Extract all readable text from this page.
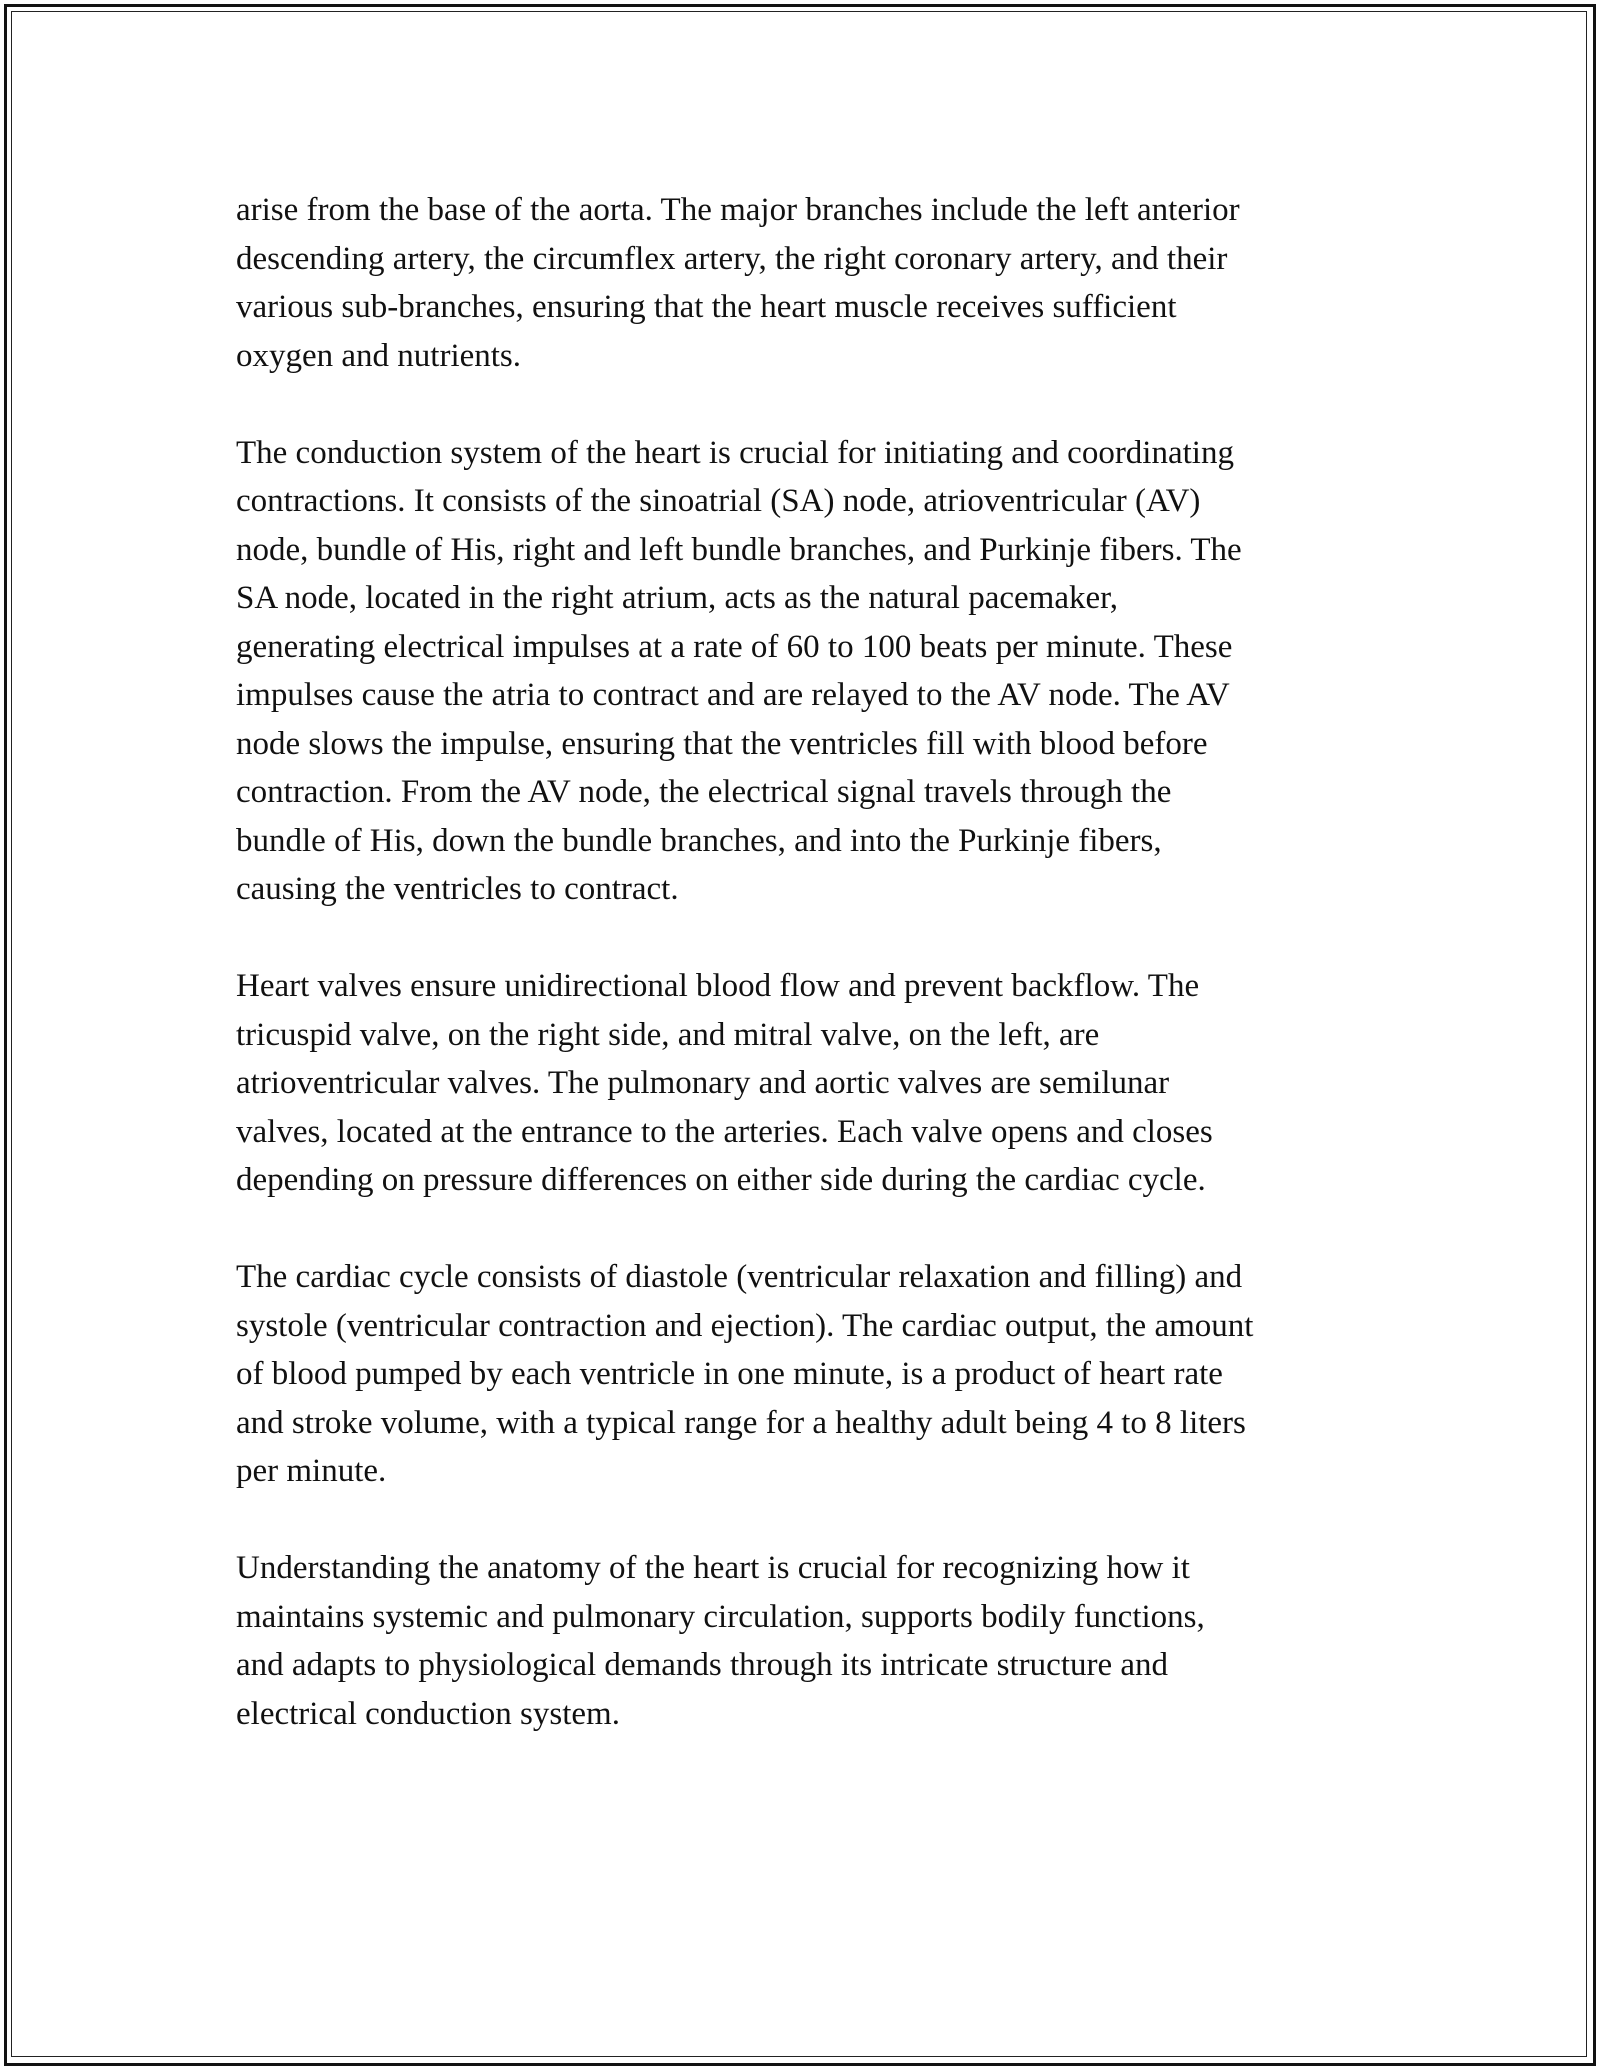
arise from the base of the aorta. The major branches include the left anterior
descending artery, the circumflex artery, the right coronary artery, and their
various sub-branches, ensuring that the heart muscle receives sufficient
oxygen and nutrients.

The conduction system of the heart is crucial for initiating and coordinating
contractions. It consists of the sinoatrial (SA) node, atrioventricular (AV)
node, bundle of His, right and left bundle branches, and Purkinje fibers. The
SA node, located in the right atrium, acts as the natural pacemaker,
generating electrical impulses at a rate of 60 to 100 beats per minute. These
impulses cause the atria to contract and are relayed to the AV node. The AV
node slows the impulse, ensuring that the ventricles fill with blood before
contraction. From the AV node, the electrical signal travels through the
bundle of His, down the bundle branches, and into the Purkinje fibers,
causing the ventricles to contract.

Heart valves ensure unidirectional blood flow and prevent backflow. The
tricuspid valve, on the right side, and mitral valve, on the left, are
atrioventricular valves. The pulmonary and aortic valves are semilunar
valves, located at the entrance to the arteries. Each valve opens and closes
depending on pressure differences on either side during the cardiac cycle.

The cardiac cycle consists of diastole (ventricular relaxation and filling) and
systole (ventricular contraction and ejection). The cardiac output, the amount
of blood pumped by each ventricle in one minute, is a product of heart rate
and stroke volume, with a typical range for a healthy adult being 4 to 8 liters
per minute.

Understanding the anatomy of the heart is crucial for recognizing how it
maintains systemic and pulmonary circulation, supports bodily functions,
and adapts to physiological demands through its intricate structure and
electrical conduction system.
